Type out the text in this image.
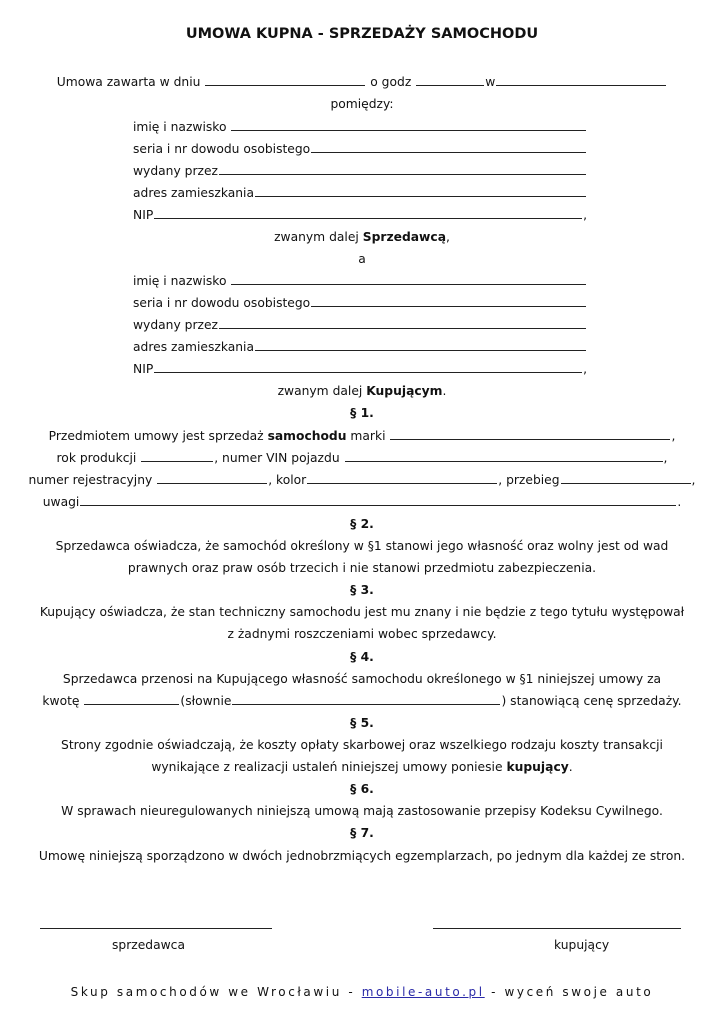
UMOWA KUPNA - SPRZEDAŻY SAMOCHODU
Umowa zawarta w dniu	o godz	w
pomiędzy:
imię i nazwisko

seria i nr dowodu osobistego
wydany przez
adres zamieszkania
NIP	,
zwanym dalej Sprzedawcą,
a
imię i nazwisko

seria i nr dowodu osobistego
wydany przez
adres zamieszkania
NIP	,
zwanym dalej Kupującym.
§ 1.
Przedmiotem umowy jest sprzedaż samochodu marki	,
rok produkcji	, numer VIN pojazdu	,
numer rejestracyjny	, kolor	, przebieg	,
uwagi	.
§ 2.
Sprzedawca oświadcza, że samochód określony w §1 stanowi jego własność oraz wolny jest od wad
prawnych oraz praw osób trzecich i nie stanowi przedmiotu zabezpieczenia.
§ 3.
Kupujący oświadcza, że stan techniczny samochodu jest mu znany i nie będzie z tego tytułu występował
z żadnymi roszczeniami wobec sprzedawcy.
§ 4.
Sprzedawca przenosi na Kupującego własność samochodu określonego w §1 niniejszej umowy za
kwotę	(słownie	) stanowiącą cenę sprzedaży.
§ 5.
Strony zgodnie oświadczają, że koszty opłaty skarbowej oraz wszelkiego rodzaju koszty transakcji
wynikające z realizacji ustaleń niniejszej umowy poniesie kupujący.
§ 6.
W sprawach nieuregulowanych niniejszą umową mają zastosowanie przepisy Kodeksu Cywilnego.
§ 7.
Umowę niniejszą sporządzono w dwóch jednobrzmiących egzemplarzach, po jednym dla każdej ze stron.
sprzedawca	kupujący
Skup samochodów we Wrocławiu - mobile-auto.pl - wyceń swoje auto
